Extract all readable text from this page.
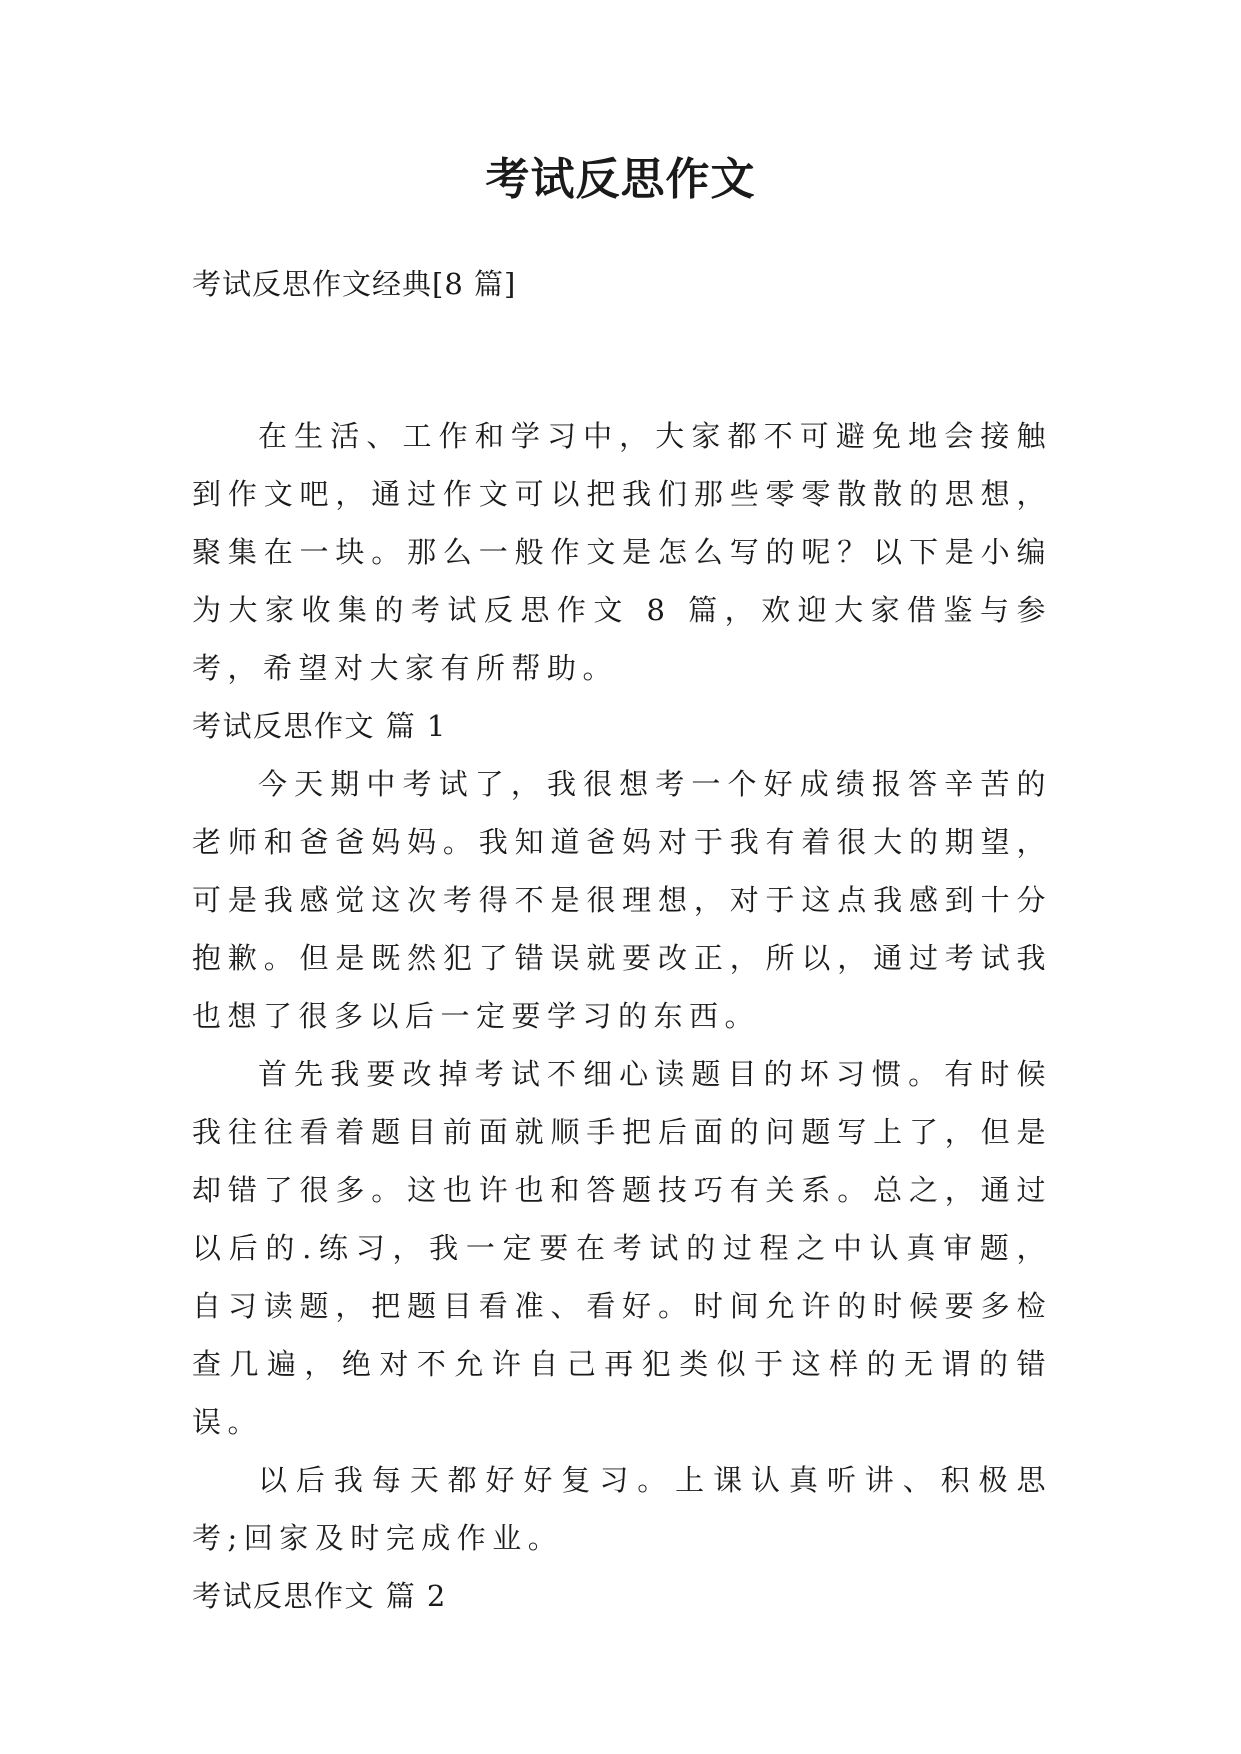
考试反思作文
考试反思作文经典[8 篇]

在生活、工作和学习中，大家都不可避免地会接触到作文吧，通过作文可以把我们那些零零散散的思想，聚集在一块。那么一般作文是怎么写的呢？以下是小编为大家收集的考试反思作文 8 篇，欢迎大家借鉴与参考，希望对大家有所帮助。

考试反思作文 篇 1

今天期中考试了，我很想考一个好成绩报答辛苦的老师和爸爸妈妈。我知道爸妈对于我有着很大的期望，可是我感觉这次考得不是很理想，对于这点我感到十分抱歉。但是既然犯了错误就要改正，所以，通过考试我也想了很多以后一定要学习的东西。

首先我要改掉考试不细心读题目的坏习惯。有时候我往往看着题目前面就顺手把后面的问题写上了，但是却错了很多。这也许也和答题技巧有关系。总之，通过以后的.练习，我一定要在考试的过程之中认真审题，自习读题，把题目看准、看好。时间允许的时候要多检查几遍，绝对不允许自己再犯类似于这样的无谓的错误。

以后我每天都好好复习。上课认真听讲、积极思考;回家及时完成作业。

考试反思作文 篇 2
